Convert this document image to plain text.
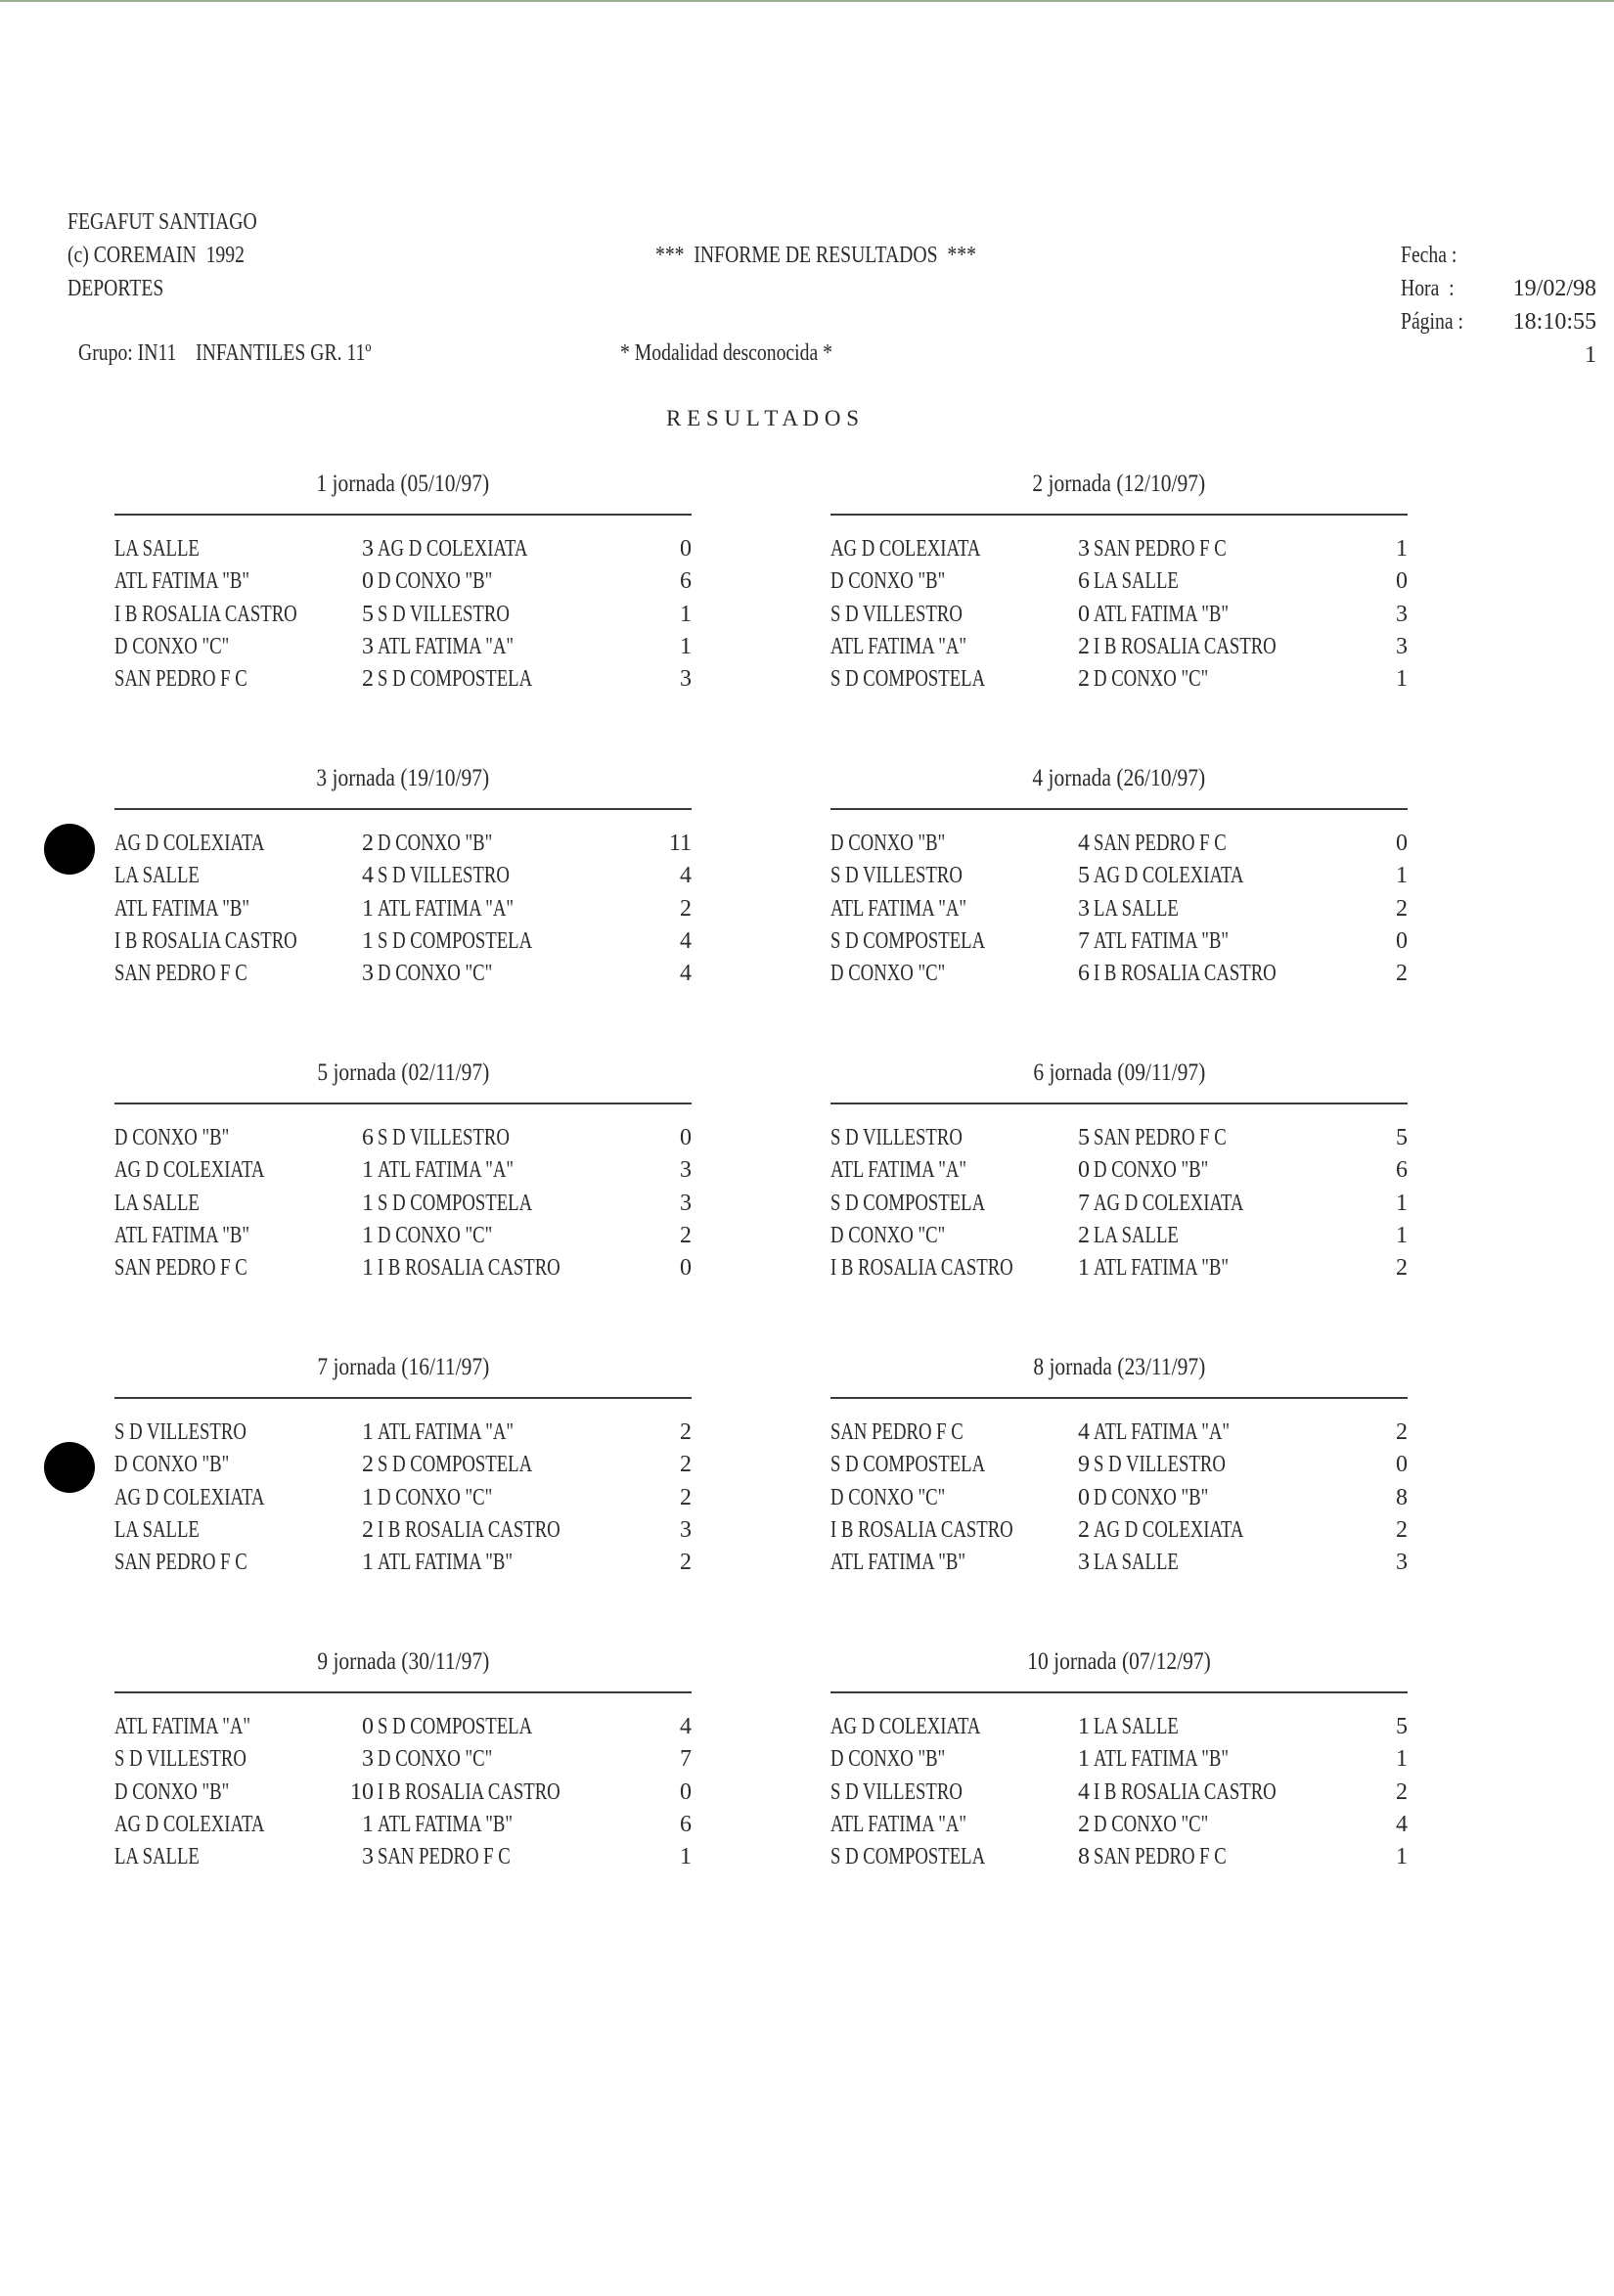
FEGAFUT SANTIAGO
(c) COREMAIN  1992
DEPORTES
***  INFORME DE RESULTADOS  ***

	Fecha :

19/02/98

Hora  :

18:10:55

Página :

1

Grupo: IN11    INFANTILES GR. 11º	* Modalidad desconocida *
R E S U L T A D O S
1 jornada (05/10/97)
LA SALLE	3 AG D COLEXIATA	0
ATL FATIMA "B"	0 D CONXO "B"	6
I B ROSALIA CASTRO	5 S D VILLESTRO	1
D CONXO "C"	3 ATL FATIMA "A"	1
SAN PEDRO F C	2 S D COMPOSTELA	3
2 jornada (12/10/97)
AG D COLEXIATA	3 SAN PEDRO F C	1
D CONXO "B"	6 LA SALLE	0
S D VILLESTRO	0 ATL FATIMA "B"	3
ATL FATIMA "A"	2 I B ROSALIA CASTRO	3
S D COMPOSTELA	2 D CONXO "C"	1
3 jornada (19/10/97)
AG D COLEXIATA	2 D CONXO "B"	11
LA SALLE	4 S D VILLESTRO	4
ATL FATIMA "B"	1 ATL FATIMA "A"	2
I B ROSALIA CASTRO	1 S D COMPOSTELA	4
SAN PEDRO F C	3 D CONXO "C"	4
4 jornada (26/10/97)
D CONXO "B"	4 SAN PEDRO F C	0
S D VILLESTRO	5 AG D COLEXIATA	1
ATL FATIMA "A"	3 LA SALLE	2
S D COMPOSTELA	7 ATL FATIMA "B"	0
D CONXO "C"	6 I B ROSALIA CASTRO	2
5 jornada (02/11/97)
D CONXO "B"	6 S D VILLESTRO	0
AG D COLEXIATA	1 ATL FATIMA "A"	3
LA SALLE	1 S D COMPOSTELA	3
ATL FATIMA "B"	1 D CONXO "C"	2
SAN PEDRO F C	1 I B ROSALIA CASTRO	0
6 jornada (09/11/97)
S D VILLESTRO	5 SAN PEDRO F C	5
ATL FATIMA "A"	0 D CONXO "B"	6
S D COMPOSTELA	7 AG D COLEXIATA	1
D CONXO "C"	2 LA SALLE	1
I B ROSALIA CASTRO	1 ATL FATIMA "B"	2
7 jornada (16/11/97)
S D VILLESTRO	1 ATL FATIMA "A"	2
D CONXO "B"	2 S D COMPOSTELA	2
AG D COLEXIATA	1 D CONXO "C"	2
LA SALLE	2 I B ROSALIA CASTRO	3
SAN PEDRO F C	1 ATL FATIMA "B"	2
8 jornada (23/11/97)
SAN PEDRO F C	4 ATL FATIMA "A"	2
S D COMPOSTELA	9 S D VILLESTRO	0
D CONXO "C"	0 D CONXO "B"	8
I B ROSALIA CASTRO	2 AG D COLEXIATA	2
ATL FATIMA "B"	3 LA SALLE	3
9 jornada (30/11/97)
ATL FATIMA "A"	0 S D COMPOSTELA	4
S D VILLESTRO	3 D CONXO "C"	7
D CONXO "B"	10 I B ROSALIA CASTRO	0
AG D COLEXIATA	1 ATL FATIMA "B"	6
LA SALLE	3 SAN PEDRO F C	1
10 jornada (07/12/97)
AG D COLEXIATA	1 LA SALLE	5
D CONXO "B"	1 ATL FATIMA "B"	1
S D VILLESTRO	4 I B ROSALIA CASTRO	2
ATL FATIMA "A"	2 D CONXO "C"	4
S D COMPOSTELA	8 SAN PEDRO F C	1
